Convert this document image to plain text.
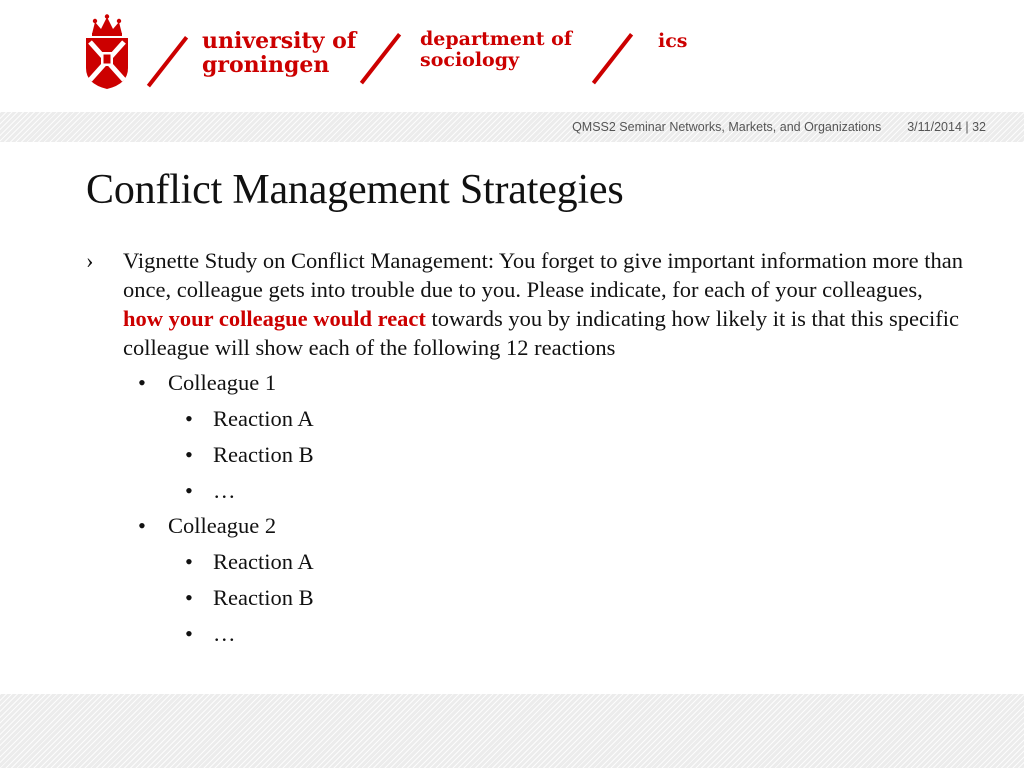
university of
groningen
department of
sociology
ics
QMSS2 Seminar Networks, Markets, and Organizations 3/11/2014 | 32
Conflict Management Strategies
› Vignette Study on Conflict Management: You forget to give important information more than once, colleague gets into trouble due to you. Please indicate, for each of your colleagues, how your colleague would react towards you by indicating how likely it is that this specific colleague will show each of the following 12 reactions
• Colleague 1
• Reaction A
• Reaction B
• …
• Colleague 2
• Reaction A
• Reaction B
• …
